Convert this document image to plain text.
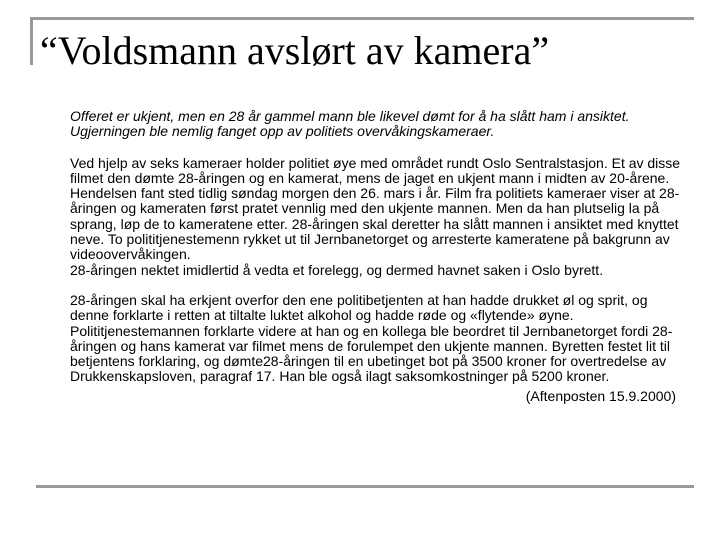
“Voldsmann avslørt av kamera”

Offeret er ukjent, men en 28 år gammel mann ble likevel dømt for å ha slått ham i ansiktet. Ugjerningen ble nemlig fanget opp av politiets overvåkingskameraer.

Ved hjelp av seks kameraer holder politiet øye med området rundt Oslo Sentralstasjon. Et av disse filmet den dømte 28-åringen og en kamerat, mens de jaget en ukjent mann i midten av 20-årene. Hendelsen fant sted tidlig søndag morgen den 26. mars i år. Film fra politiets kameraer viser at 28-åringen og kameraten først pratet vennlig med den ukjente mannen. Men da han plutselig la på sprang, løp de to kameratene etter. 28-åringen skal deretter ha slått mannen i ansiktet med knyttet neve. To polititjenestemenn rykket ut til Jernbanetorget og arresterte kameratene på bakgrunn av videoovervåkingen.

28-åringen nektet imidlertid å vedta et forelegg, og dermed havnet saken i Oslo byrett.

28-åringen skal ha erkjent overfor den ene politibetjenten at han hadde drukket øl og sprit, og denne forklarte i retten at tiltalte luktet alkohol og hadde røde og «flytende» øyne. Polititjenestemannen forklarte videre at han og en kollega ble beordret til Jernbanetorget fordi 28-åringen og hans kamerat var filmet mens de forulempet den ukjente mannen. Byretten festet lit til betjentens forklaring, og dømte28-åringen til en ubetinget bot på 3500 kroner for overtredelse av Drukkenskapsloven, paragraf 17. Han ble også ilagt saksomkostninger på 5200 kroner.

(Aftenposten 15.9.2000)
